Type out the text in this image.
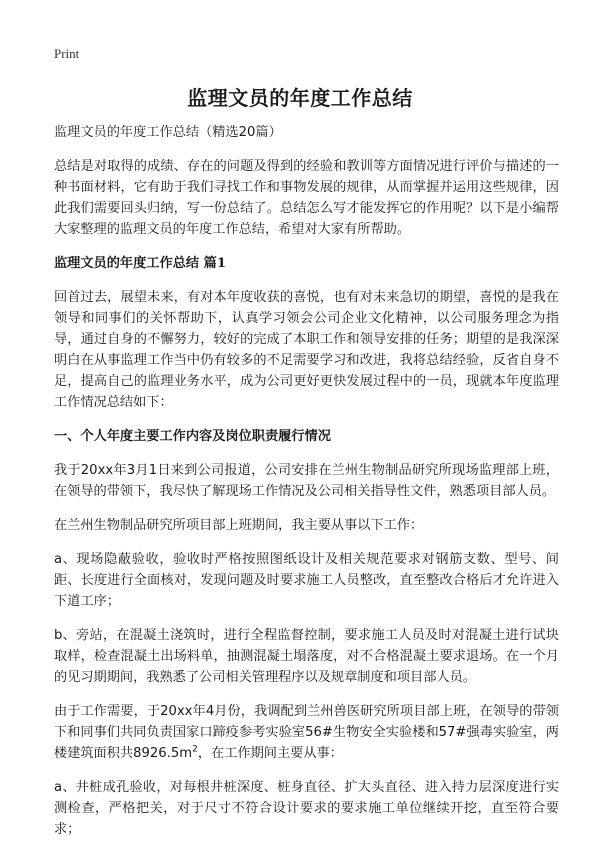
Print
监理文员的年度工作总结

监理文员的年度工作总结（精选20篇）

总结是对取得的成绩、存在的问题及得到的经验和教训等方面情况进行评价与描述的一种书面材料，它有助于我们寻找工作和事物发展的规律，从而掌握并运用这些规律，因此我们需要回头归纳，写一份总结了。总结怎么写才能发挥它的作用呢？以下是小编帮大家整理的监理文员的年度工作总结，希望对大家有所帮助。

监理文员的年度工作总结 篇1

回首过去，展望未来，有对本年度收获的喜悦，也有对未来急切的期望，喜悦的是我在领导和同事们的关怀帮助下，认真学习领会公司企业文化精神，以公司服务理念为指导，通过自身的不懈努力，较好的完成了本职工作和领导安排的任务；期望的是我深深明白在从事监理工作当中仍有较多的不足需要学习和改进，我将总结经验，反省自身不足，提高自己的监理业务水平，成为公司更好更快发展过程中的一员，现就本年度监理工作情况总结如下：

一、个人年度主要工作内容及岗位职责履行情况

我于20xx年3月1日来到公司报道，公司安排在兰州生物制品研究所现场监理部上班，在领导的带领下，我尽快了解现场工作情况及公司相关指导性文件，熟悉项目部人员。

在兰州生物制品研究所项目部上班期间，我主要从事以下工作：

a、现场隐蔽验收，验收时严格按照图纸设计及相关规范要求对钢筋支数、型号、间距、长度进行全面核对，发现问题及时要求施工人员整改，直至整改合格后才允许进入下道工序；

b、旁站，在混凝土浇筑时，进行全程监督控制，要求施工人员及时对混凝土进行试块取样，检查混凝土出场料单，抽测混凝土塌落度，对不合格混凝土要求退场。在一个月的见习期期间，我熟悉了公司相关管理程序以及规章制度和项目部人员。

由于工作需要，于20xx年4月份，我调配到兰州兽医研究所项目部上班，在领导的带领下和同事们共同负责国家口蹄疫参考实验室56#生物安全实验楼和57#强毒实验室，两楼建筑面积共$8926.5m^2$，在工作期间主要从事：

a、井桩成孔验收，对每根井桩深度、桩身直径、扩大头直径、进入持力层深度进行实测检查，严格把关，对于尺寸不符合设计要求的要求施工单位继续开挖，直至符合要求；
